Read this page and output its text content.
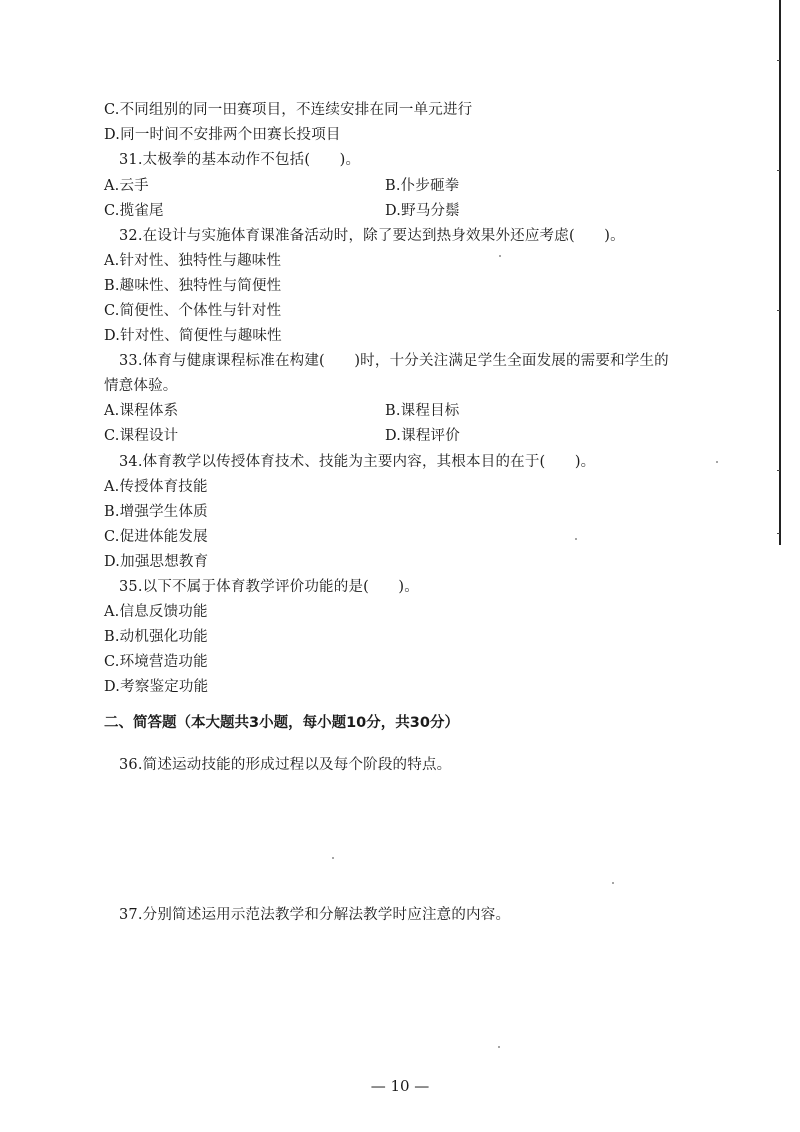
C.不同组别的同一田赛项目，不连续安排在同一单元进行
D.同一时间不安排两个田赛长投项目
31.太极拳的基本动作不包括(　　)。
A.云手	B.仆步砸拳
C.揽雀尾	D.野马分鬃
32.在设计与实施体育课准备活动时，除了要达到热身效果外还应考虑(　　)。
A.针对性、独特性与趣味性
B.趣味性、独特性与简便性
C.简便性、个体性与针对性
D.针对性、简便性与趣味性
33.体育与健康课程标准在构建(　　)时，十分关注满足学生全面发展的需要和学生的
情意体验。
A.课程体系	B.课程目标
C.课程设计	D.课程评价
34.体育教学以传授体育技术、技能为主要内容，其根本目的在于(　　)。
A.传授体育技能
B.增强学生体质
C.促进体能发展
D.加强思想教育
35.以下不属于体育教学评价功能的是(　　)。
A.信息反馈功能
B.动机强化功能
C.环境营造功能
D.考察鉴定功能
二、简答题（本大题共3小题，每小题10分，共30分）
36.简述运动技能的形成过程以及每个阶段的特点。
37.分别简述运用示范法教学和分解法教学时应注意的内容。
— 10 —
